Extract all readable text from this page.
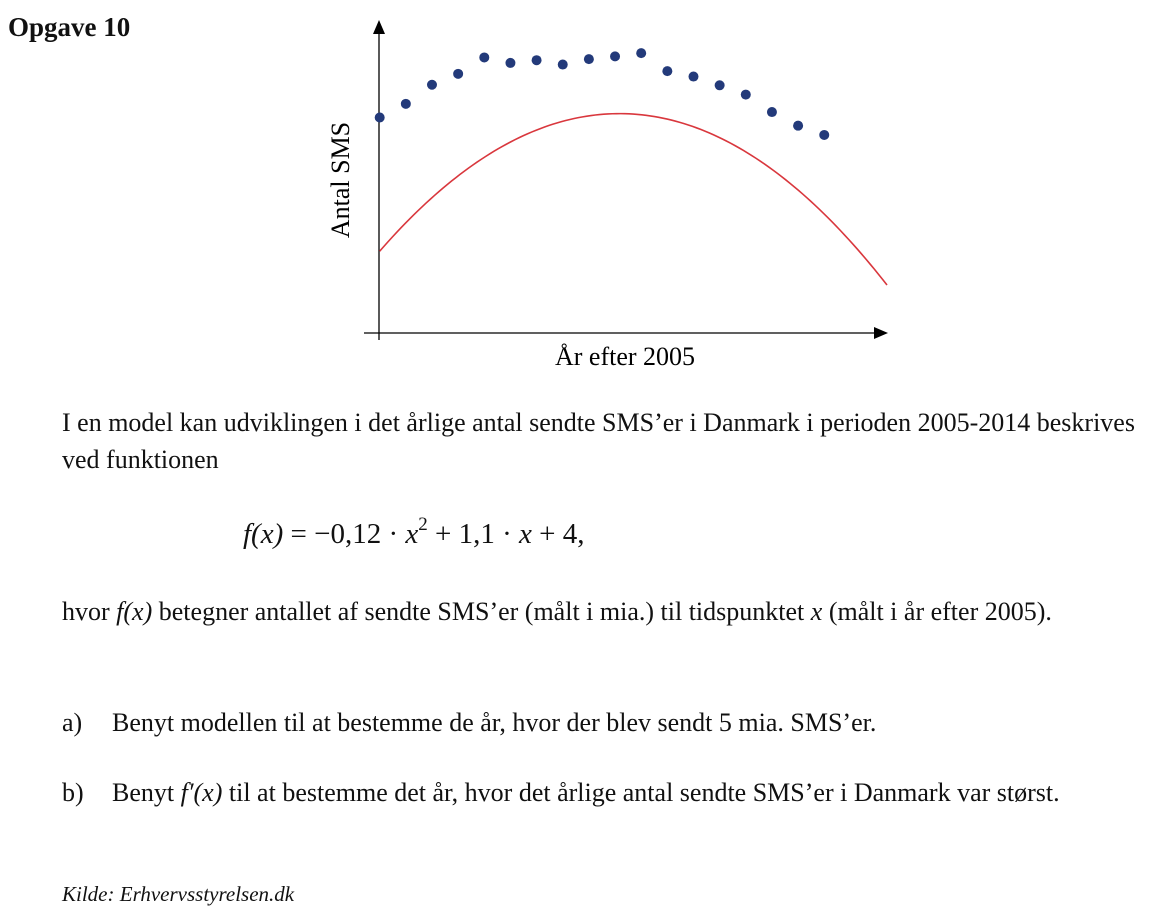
Opgave 10
År efter 2005
Antal SMS
I en model kan udviklingen i det årlige antal sendte SMS’er i Danmark i perioden 2005-2014 beskrives ved funktionen
$f(x) = -0,12 \cdot x^2 + 1,1 \cdot x + 4$,
hvor f(x) betegner antallet af sendte SMS’er (målt i mia.) til tidspunktet x (målt i år efter 2005).
a) Benyt modellen til at bestemme de år, hvor der blev sendt 5 mia. SMS’er.
b) Benyt f′(x) til at bestemme det år, hvor det årlige antal sendte SMS’er i Danmark var størst.
Kilde: Erhvervsstyrelsen.dk
